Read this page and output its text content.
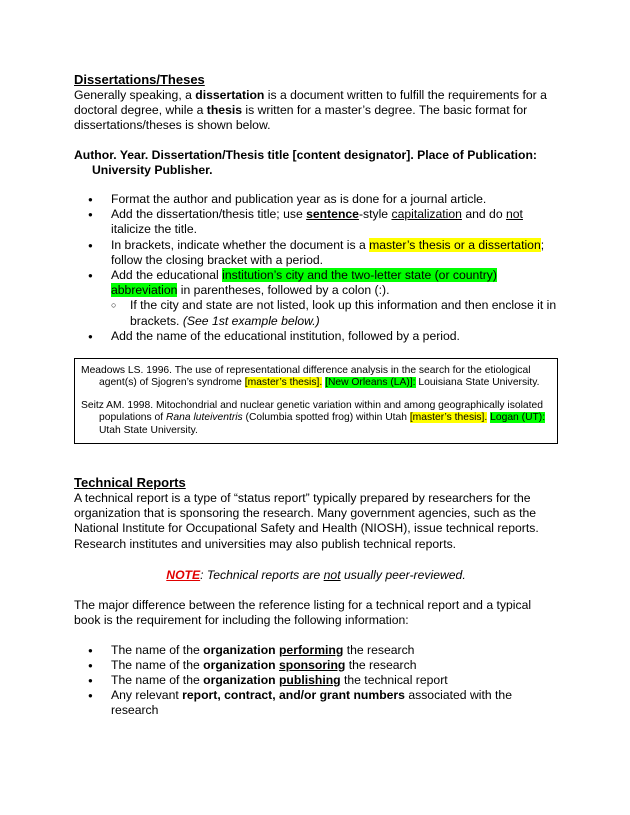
Dissertations/Theses

Generally speaking, a dissertation is a document written to fulfill the requirements for a doctoral degree, while a thesis is written for a master’s degree. The basic format for dissertations/theses is shown below.

Author. Year. Dissertation/Thesis title [content designator]. Place of Publication: University Publisher.

● Format the author and publication year as is done for a journal article.
● Add the dissertation/thesis title; use sentence-style capitalization and do not italicize the title.
● In brackets, indicate whether the document is a master’s thesis or a dissertation; follow the closing bracket with a period.
● Add the educational institution’s city and the two-letter state (or country) abbreviation in parentheses, followed by a colon (:).
○ If the city and state are not listed, look up this information and then enclose it in brackets. (See 1st example below.)
● Add the name of the educational institution, followed by a period.

Meadows LS. 1996. The use of representational difference analysis in the search for the etiological agent(s) of Sjogren’s syndrome [master’s thesis]. [New Orleans (LA)]: Louisiana State University.

Seitz AM. 1998. Mitochondrial and nuclear genetic variation within and among geographically isolated populations of Rana luteiventris (Columbia spotted frog) within Utah [master’s thesis]. Logan (UT): Utah State University.

Technical Reports

A technical report is a type of “status report” typically prepared by researchers for the organization that is sponsoring the research. Many government agencies, such as the National Institute for Occupational Safety and Health (NIOSH), issue technical reports. Research institutes and universities may also publish technical reports.

NOTE: Technical reports are not usually peer-reviewed.

The major difference between the reference listing for a technical report and a typical book is the requirement for including the following information:

● The name of the organization performing the research
● The name of the organization sponsoring the research
● The name of the organization publishing the technical report
● Any relevant report, contract, and/or grant numbers associated with the research
